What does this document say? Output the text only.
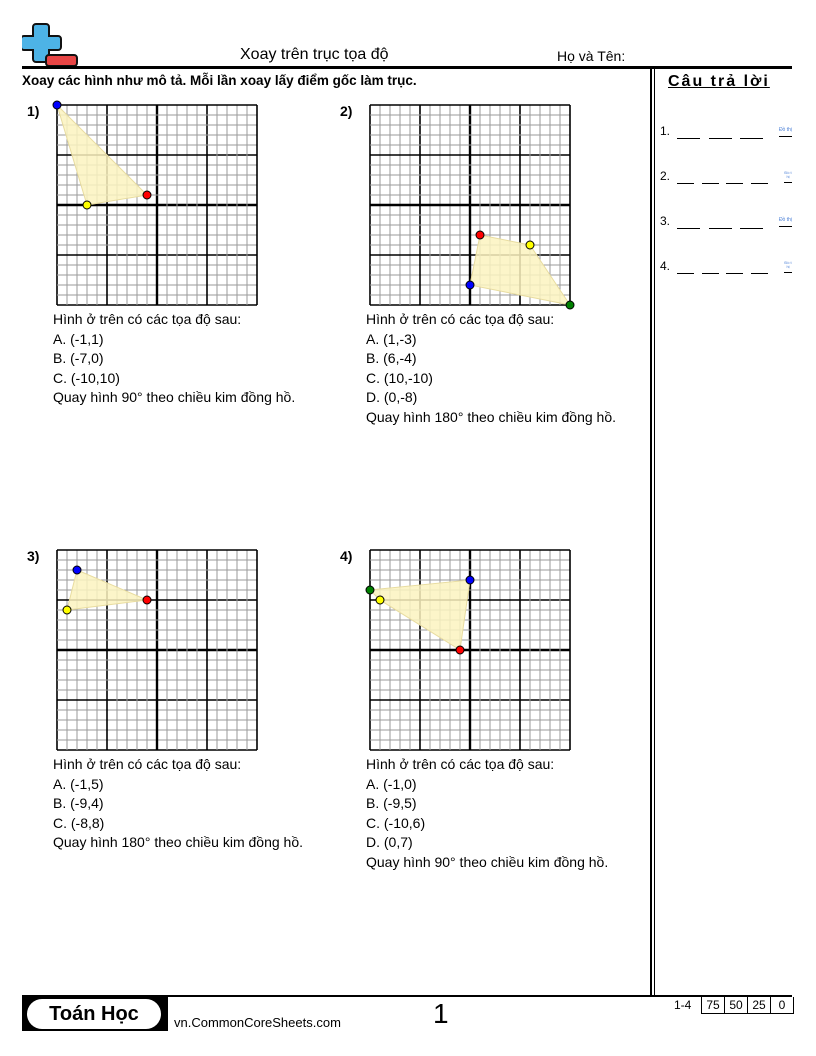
Xoay trên trục tọa độ	Họ và Tên:
Xoay các hình như mô tả. Mỗi lần xoay lấy điểm gốc làm trục.
1)
Hình ở trên có các tọa độ sau:
A. (-1,1)
B. (-7,0)
C. (-10,10)
Quay hình 90° theo chiều kim đồng hồ.
2)
Hình ở trên có các tọa độ sau:
A. (1,-3)
B. (6,-4)
C. (10,-10)
D. (0,-8)
Quay hình 180° theo chiều kim đồng hồ.
3)
Hình ở trên có các tọa độ sau:
A. (-1,5)
B. (-9,4)
C. (-8,8)
Quay hình 180° theo chiều kim đồng hồ.
4)
Hình ở trên có các tọa độ sau:
A. (-1,0)
B. (-9,5)
C. (-10,6)
D. (0,7)
Quay hình 90° theo chiều kim đồng hồ.
Câu trả lời
1.	Đồ thị
2.	Đồ thị
3.	Đồ thị
4.	Đồ thị
Toán Học	vn.CommonCoreSheets.com	1	1-4	75 50 25	0
